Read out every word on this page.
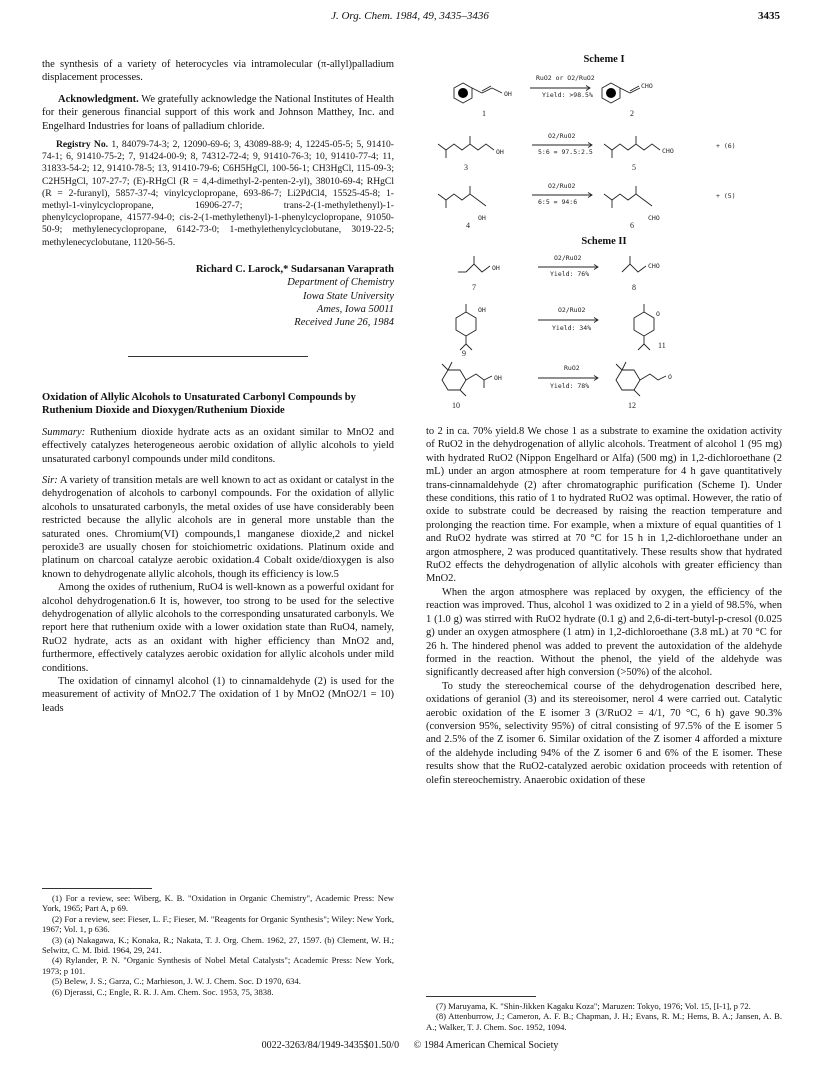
J. Org. Chem. 1984, 49, 3435–3436	3435

the synthesis of a variety of heterocycles via intramolecular (π-allyl)palladium displacement processes.

Acknowledgment. We gratefully acknowledge the National Institutes of Health for their generous financial support of this work and Johnson Matthey, Inc. and Engelhard Industries for loans of palladium chloride.

Registry No. 1, 84079-74-3; 2, 12090-69-6; 3, 43089-88-9; 4, 12245-05-5; 5, 91410-74-1; 6, 91410-75-2; 7, 91424-00-9; 8, 74312-72-4; 9, 91410-76-3; 10, 91410-77-4; 11, 31833-54-2; 12, 91410-78-5; 13, 91410-79-6; C6H5HgCl, 100-56-1; CH3HgCl, 115-09-3; C2H5HgCl, 107-27-7; (E)-RHgCl (R = 4,4-dimethyl-2-penten-2-yl), 38010-69-4; RHgCl (R = 2-furanyl), 5857-37-4; vinylcyclopropane, 693-86-7; Li2PdCl4, 15525-45-8; 1-methyl-1-vinylcyclopropane, 16906-27-7; trans-2-(1-methylethenyl)-1-phenylcyclopropane, 41577-94-0; cis-2-(1-methylethenyl)-1-phenylcyclopropane, 91050-50-9; methylenecyclopropane, 6142-73-0; 1-methylethenylcyclobutane, 3019-22-5; methylenecyclobutane, 1120-56-5.

Richard C. Larock,* Sudarsanan Varaprath

Department of Chemistry
Iowa State University
Ames, Iowa 50011
Received June 26, 1984

Oxidation of Allylic Alcohols to Unsaturated Carbonyl Compounds by Ruthenium Dioxide and Dioxygen/Ruthenium Dioxide

Summary: Ruthenium dioxide hydrate acts as an oxidant similar to MnO2 and effectively catalyzes heterogeneous aerobic oxidation of allylic alcohols to yield unsaturated carbonyl compounds under mild conditons.

Sir: A variety of transition metals are well known to act as oxidant or catalyst in the dehydrogenation of alcohols to carbonyl compounds. For the oxidation of allylic alcohols to unsaturated carbonyls, the metal oxides of use have considerably been restricted because the allylic alcohols are in general more unstable than the saturated ones. Chromium(VI) compounds,1 manganese dioxide,2 and nickel peroxide3 are usually chosen for stoichiometric oxidations. Platinum oxide and platinum on charcoal catalyze aerobic oxidation.4 Cobalt oxide/dioxygen is also known to dehydrogenate allylic alcohols, though its efficiency is low.5

Among the oxides of ruthenium, RuO4 is well-known as a powerful oxidant for alcohol dehydrogenation.6 It is, however, too strong to be used for the selective dehydrogenation of allylic alcohols to the corresponding unsaturated carbonyls. We report here that ruthenium oxide with a lower oxidation state than RuO4, namely, RuO2 hydrate, acts as an oxidant with higher efficiency than MnO2 and, furthermore, effectively catalyzes aerobic oxidation for allylic alcohols under mild conditions.

The oxidation of cinnamyl alcohol (1) to cinnamaldehyde (2) is used for the measurement of activity of MnO2.7 The oxidation of 1 by MnO2 (MnO2/1 = 10) leads

(1) For a review, see: Wiberg, K. B. "Oxidation in Organic Chemistry", Academic Press: New York, 1965; Part A, p 69.

(2) For a review, see: Fieser, L. F.; Fieser, M. "Reagents for Organic Synthesis"; Wiley: New York, 1967; Vol. 1, p 636.

(3) (a) Nakagawa, K.; Konaka, R.; Nakata, T. J. Org. Chem. 1962, 27, 1597. (b) Clement, W. H.; Selwitz, C. M. Ibid. 1964, 29, 241.

(4) Rylander, P. N. "Organic Synthesis of Nobel Metal Catalysts"; Academic Press: New York, 1973; p 101.

(5) Belew, J. S.; Garza, C.; Marhieson, J. W. J. Chem. Soc. D 1970, 634.

(6) Djerassi, C.; Engle, R. R. J. Am. Chem. Soc. 1953, 75, 3838.

Scheme I
OH
RuO2 or O2/RuO2
Yield: >98.5%
CHO
1	2
OH
O2/RuO2
5:6 = 97.5:2.5	CHO
+ (6)
3	5
OH
O2/RuO2
6:5 = 94:6
CHO
+ (5)
4	6
Scheme II
OH
O2/RuO2
Yield: 76%
CHO
7	8
OH	O2/RuO2
Yield: 34%
O
9
11
OH
RuO2
Yield: 78%
O
10	12

to 2 in ca. 70% yield.8 We chose 1 as a substrate to examine the oxidation activity of RuO2 in the dehydrogenation of allylic alcohols. Treatment of alcohol 1 (95 mg) with hydrated RuO2 (Nippon Engelhard or Alfa) (500 mg) in 1,2-dichloroethane (2 mL) under an argon atmosphere at room temperature for 4 h gave quantitatively trans-cinnamaldehyde (2) after chromatographic purification (Scheme I). Under these conditions, this ratio of 1 to hydrated RuO2 was optimal. However, the ratio of oxide to substrate could be decreased by raising the reaction temperature and prolonging the reaction time. For example, when a mixture of equal quantities of 1 and RuO2 hydrate was stirred at 70 °C for 15 h in 1,2-dichloroethane under an argon atmosphere, 2 was produced quantitatively. These results show that hydrated RuO2 effects the dehydrogenation of allylic alcohols with greater efficiency than MnO2.

When the argon atmosphere was replaced by oxygen, the efficiency of the reaction was improved. Thus, alcohol 1 was oxidized to 2 in a yield of 98.5%, when 1 (1.0 g) was stirred with RuO2 hydrate (0.1 g) and 2,6-di-tert-butyl-p-cresol (0.025 g) under an oxygen atmosphere (1 atm) in 1,2-dichloroethane (3.8 mL) at 70 °C for 26 h. The hindered phenol was added to prevent the autoxidation of the aldehyde formed in the reaction. Without the phenol, the yield of the aldehyde was significantly decreased after high conversion (>50%) of the alcohol.

To study the stereochemical course of the dehydrogenation described here, oxidations of geraniol (3) and its stereoisomer, nerol 4 were carried out. Catalytic aerobic oxidation of the E isomer 3 (3/RuO2 = 4/1, 70 °C, 6 h) gave 90.3% (conversion 95%, selectivity 95%) of citral consisting of 97.5% of the E isomer 5 and 2.5% of the Z isomer 6. Similar oxidation of the Z isomer 4 afforded a mixture of the aldehyde including 94% of the Z isomer 6 and 6% of the E isomer. These results show that the RuO2-catalyzed aerobic oxidation proceeds with retention of olefin stereochemistry. Anaerobic oxidation of these

(7) Maruyama, K. "Shin-Jikken Kagaku Koza"; Maruzen: Tokyo, 1976; Vol. 15, [I-1], p 72.

(8) Attenburrow, J.; Cameron, A. F. B.; Chapman, J. H.; Evans, R. M.; Hems, B. A.; Jansen, A. B. A.; Walker, T. J. Chem. Soc. 1952, 1094.

0022-3263/84/1949-3435$01.50/0 © 1984 American Chemical Society
